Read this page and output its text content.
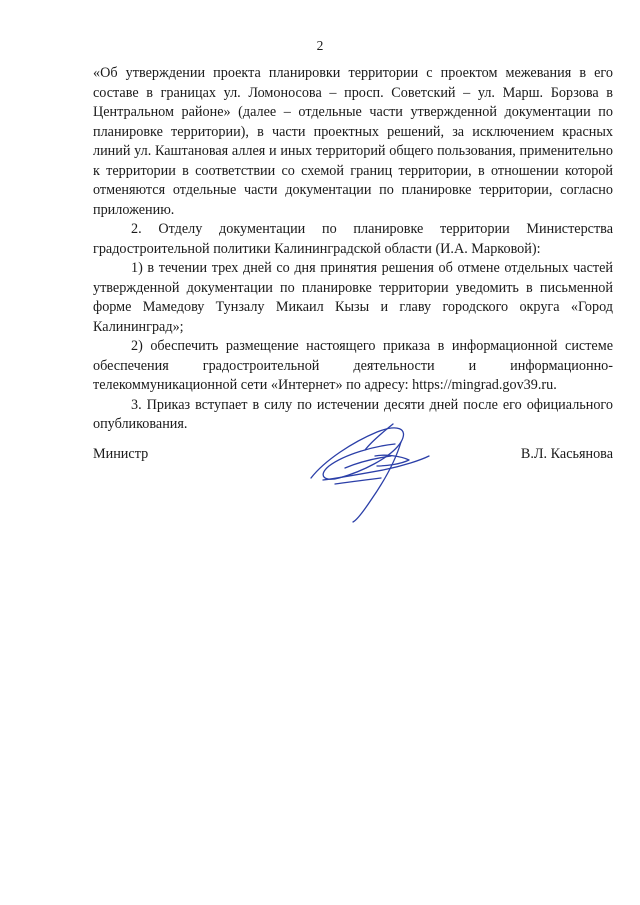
2

«Об утверждении проекта планировки территории с проектом межевания в его составе в границах ул. Ломоносова – просп. Советский – ул. Марш. Борзова в Центральном районе» (далее – отдельные части утвержденной документации по планировке территории), в части проектных решений, за исключением красных линий ул. Каштановая аллея и иных территорий общего пользования, применительно к территории в соответствии со схемой границ территории, в отношении которой отменяются отдельные части документации по планировке территории, согласно приложению.

2. Отделу документации по планировке территории Министерства градостроительной политики Калининградской области (И.А. Марковой):

1) в течении трех дней со дня принятия решения об отмене отдельных частей утвержденной документации по планировке территории уведомить в письменной форме Мамедову Тунзалу Микаил Кызы и главу городского округа «Город Калининград»;

2) обеспечить размещение настоящего приказа в информационной системе обеспечения градостроительной деятельности и информационно-телекоммуникационной сети «Интернет» по адресу: https://mingrad.gov39.ru.

3. Приказ вступает в силу по истечении десяти дней после его официального опубликования.

Министр	В.Л. Касьянова
